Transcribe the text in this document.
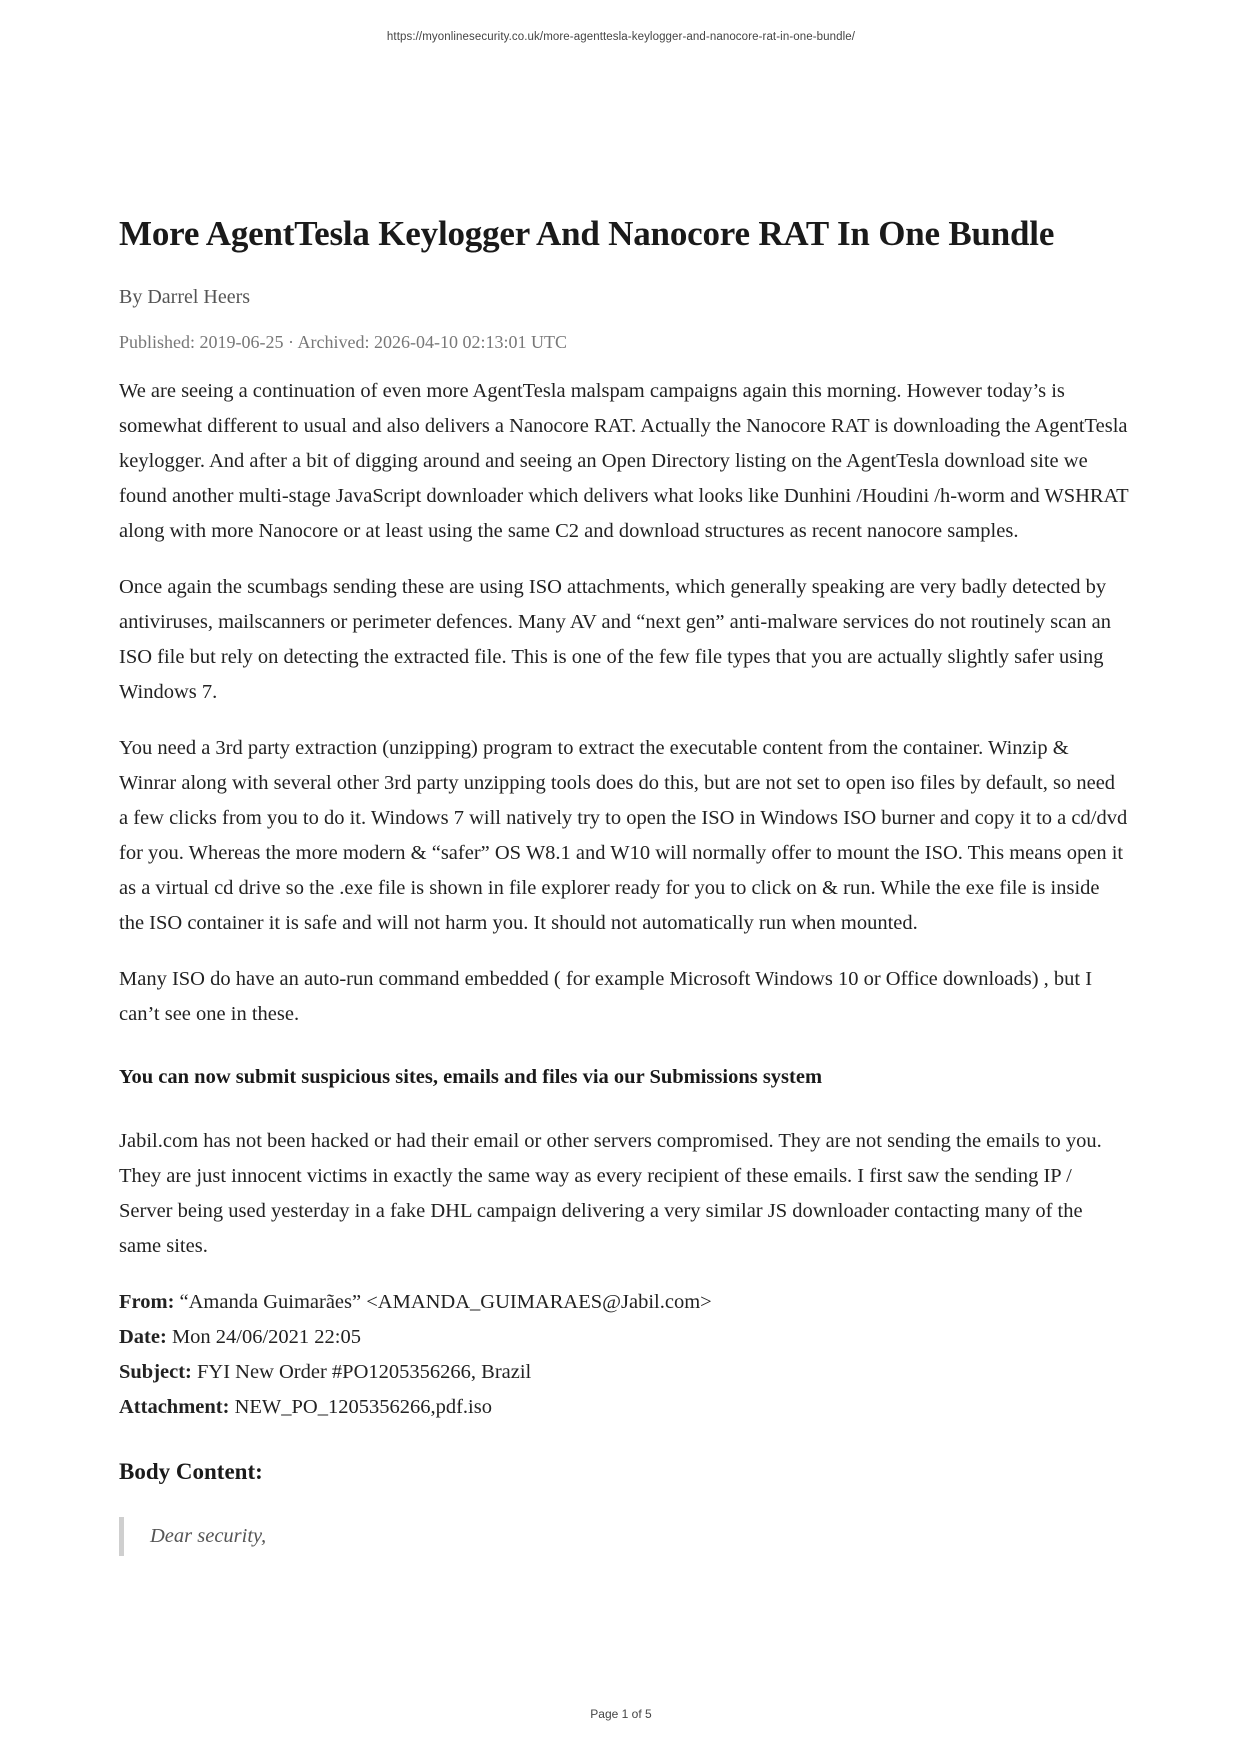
https://myonlinesecurity.co.uk/more-agenttesla-keylogger-and-nanocore-rat-in-one-bundle/
More AgentTesla Keylogger And Nanocore RAT In One Bundle
By Darrel Heers
Published: 2019-06-25 · Archived: 2026-04-10 02:13:01 UTC

We are seeing a continuation of even more AgentTesla malspam campaigns again this morning. However today’s is somewhat different to usual and also delivers a Nanocore RAT. Actually the Nanocore RAT is downloading the AgentTesla keylogger. And after a bit of digging around and seeing an Open Directory listing on the AgentTesla download site we found another multi-stage JavaScript downloader which delivers what looks like Dunhini /Houdini /h-worm and WSHRAT along with more Nanocore or at least using the same C2 and download structures as recent nanocore samples.

Once again the scumbags sending these are using ISO attachments, which generally speaking are very badly detected by antiviruses, mailscanners or perimeter defences. Many AV and “next gen” anti-malware services do not routinely scan an ISO file but rely on detecting the extracted file. This is one of the few file types that you are actually slightly safer using Windows 7.

You need a 3rd party extraction (unzipping) program to extract the executable content from the container. Winzip & Winrar along with several other 3rd party unzipping tools does do this, but are not set to open iso files by default, so need a few clicks from you to do it. Windows 7 will natively try to open the ISO in Windows ISO burner and copy it to a cd/dvd for you. Whereas the more modern & “safer” OS W8.1 and W10 will normally offer to mount the ISO. This means open it as a virtual cd drive so the .exe file is shown in file explorer ready for you to click on & run. While the exe file is inside the ISO container it is safe and will not harm you. It should not automatically run when mounted.

Many ISO do have an auto-run command embedded ( for example Microsoft Windows 10 or Office downloads) , but I can’t see one in these.

You can now submit suspicious sites, emails and files via our Submissions system

Jabil.com has not been hacked or had their email or other servers compromised. They are not sending the emails to you. They are just innocent victims in exactly the same way as every recipient of these emails. I first saw the sending IP / Server being used yesterday in a fake DHL campaign delivering a very similar JS downloader contacting many of the same sites.

From: “Amanda Guimarães” <AMANDA_GUIMARAES@Jabil.com>
Date: Mon 24/06/2021 22:05
Subject: FYI New Order #PO1205356266, Brazil
Attachment: NEW_PO_1205356266,pdf.iso
Body Content:
Dear security,
Page 1 of 5
